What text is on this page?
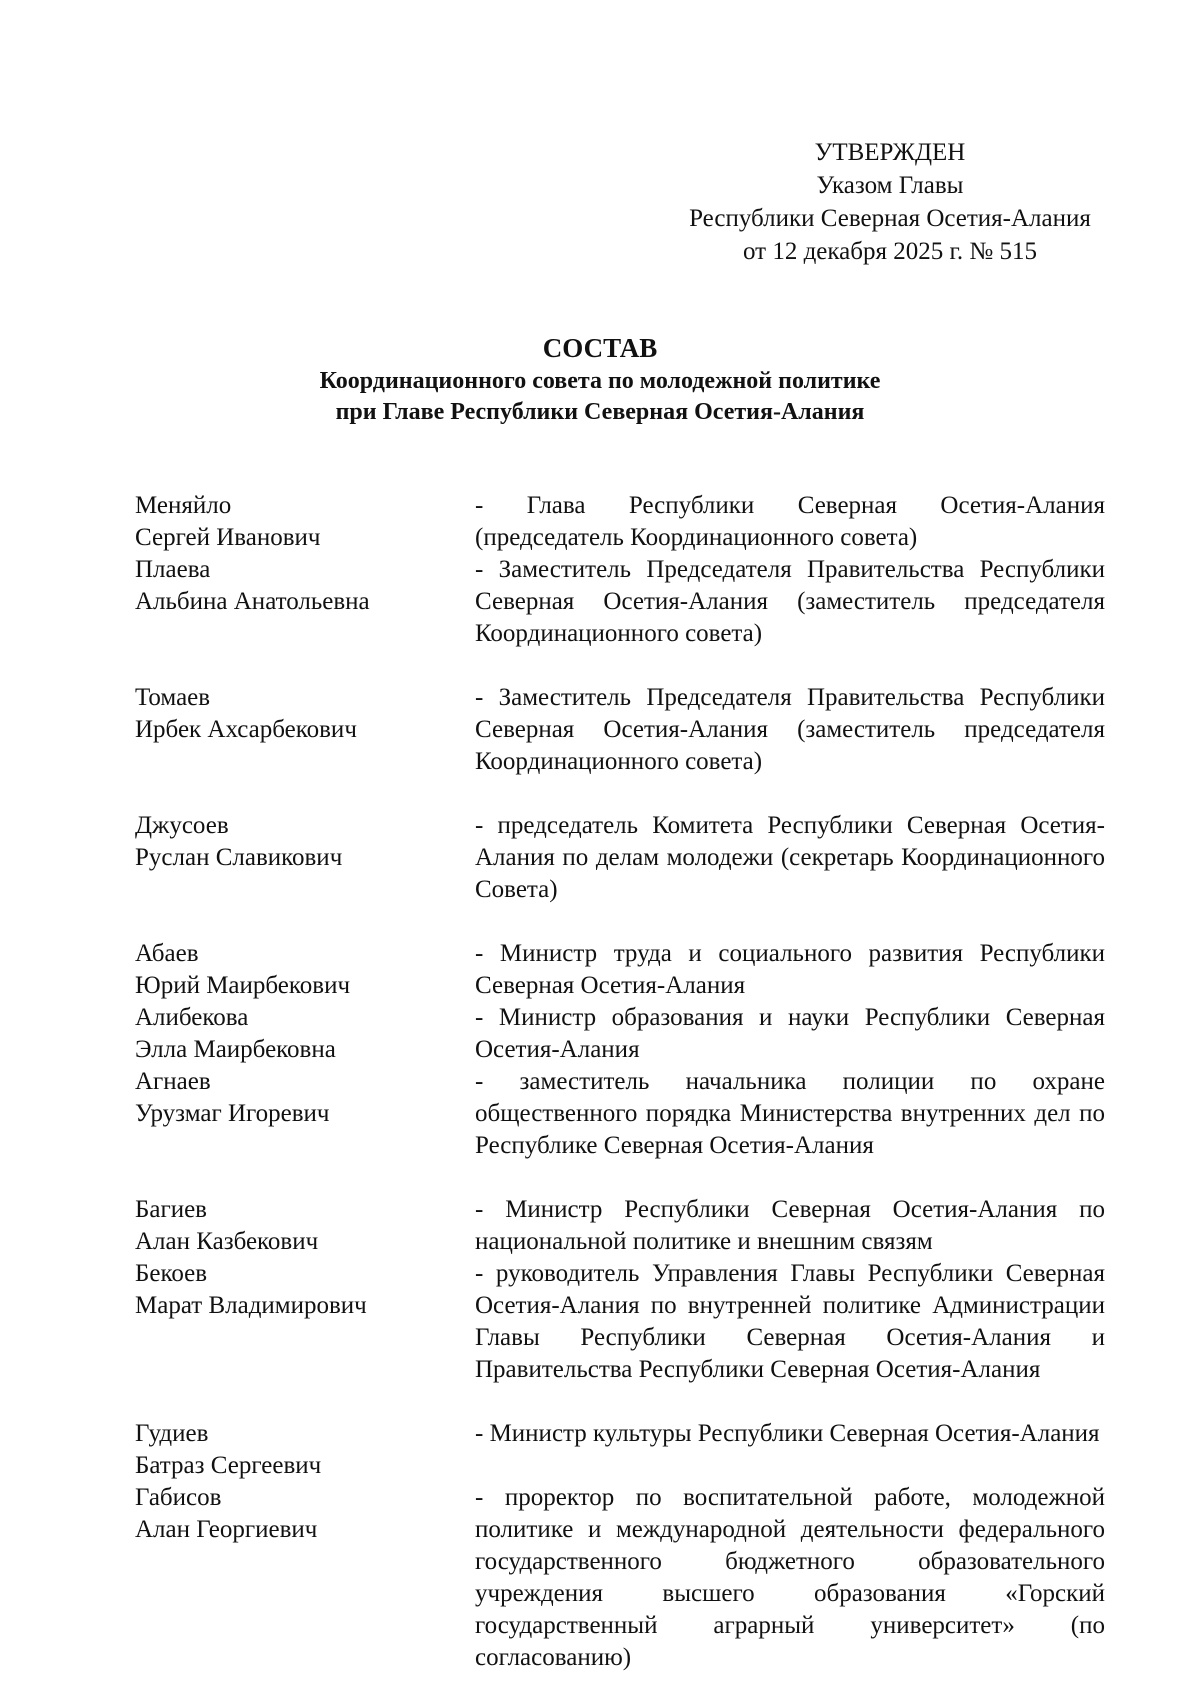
УТВЕРЖДЕН
Указом Главы
Республики Северная Осетия-Алания
от 12 декабря 2025 г. № 515
СОСТАВ
Координационного совета по молодежной политике
при Главе Республики Северная Осетия-Алания
Меняйло
Сергей Иванович
- Глава Республики Северная Осетия-Алания (председатель Координационного совета)
Плаева
Альбина Анатольевна
- Заместитель Председателя Правительства Республики Северная Осетия-Алания (заместитель председателя Координационного совета)
Томаев
Ирбек Ахсарбекович
- Заместитель Председателя Правительства Республики Северная Осетия-Алания (заместитель председателя Координационного совета)
Джусоев
Руслан Славикович
- председатель Комитета Республики Северная Осетия-Алания по делам молодежи (секретарь Координационного Совета)
Абаев
Юрий Маирбекович
- Министр труда и социального развития Республики Северная Осетия-Алания
Алибекова
Элла Маирбековна
- Министр образования и науки Республики Северная Осетия-Алания
Агнаев
Урузмаг Игоревич
- заместитель начальника полиции по охране общественного порядка Министерства внутренних дел по Республике Северная Осетия-Алания
Багиев
Алан Казбекович
- Министр Республики Северная Осетия-Алания по национальной политике и внешним связям
Бекоев
Марат Владимирович
- руководитель Управления Главы Республики Северная Осетия-Алания по внутренней политике Администрации Главы Республики Северная Осетия-Алания и Правительства Республики Северная Осетия-Алания
Гудиев
Батраз Сергеевич
- Министр культуры Республики Северная Осетия-Алания
Габисов
Алан Георгиевич
- проректор по воспитательной работе, молодежной политике и международной деятельности федерального государственного бюджетного образовательного учреждения высшего образования «Горский государственный аграрный университет» (по согласованию)
